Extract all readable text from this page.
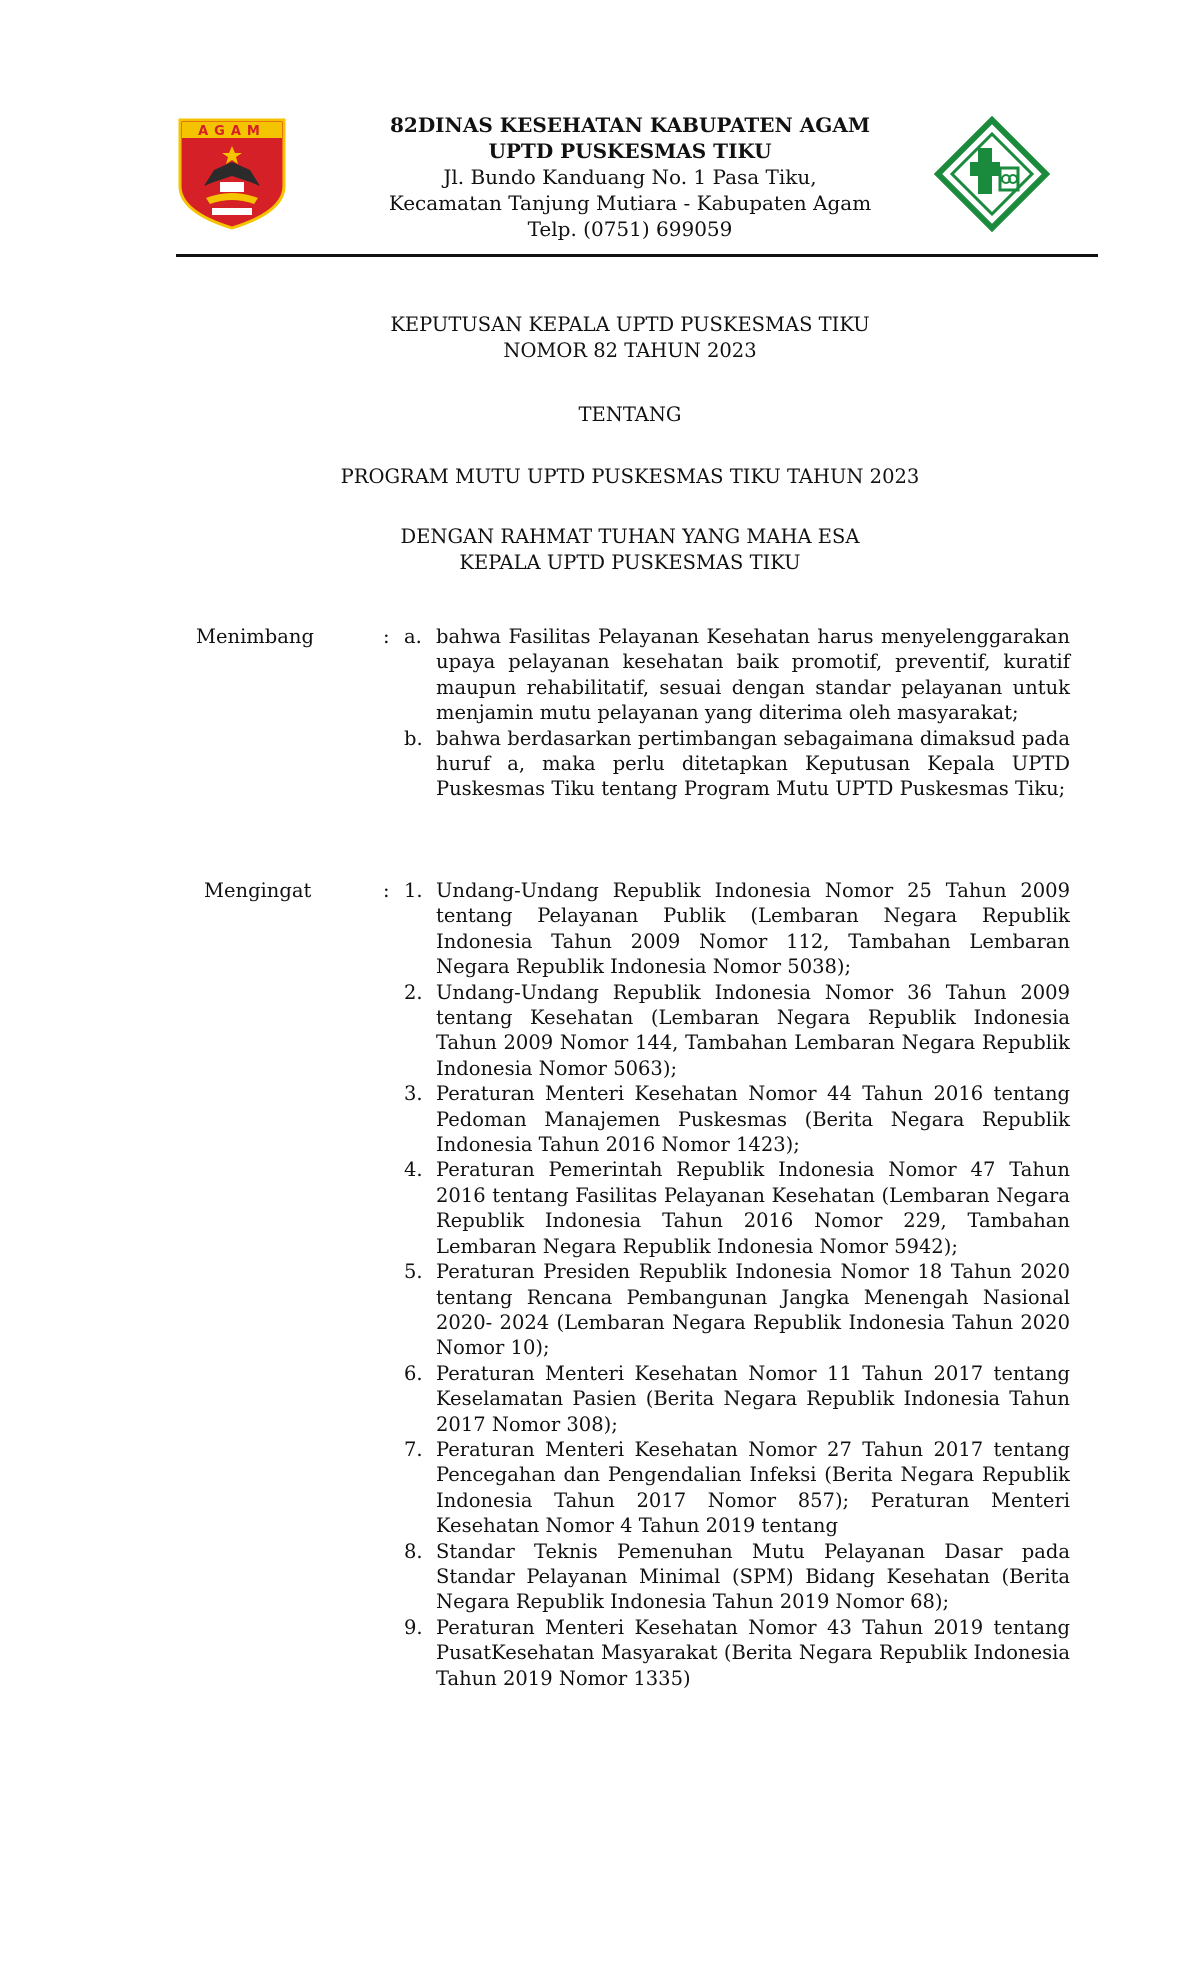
AGAM	82DINAS KESEHATAN KABUPATEN AGAM
UPTD PUSKESMAS TIKU
Jl. Bundo Kanduang No. 1 Pasa Tiku,
Kecamatan Tanjung Mutiara - Kabupaten Agam
Telp. (0751) 699059
KEPUTUSAN KEPALA UPTD PUSKESMAS TIKU
NOMOR 82 TAHUN 2023
TENTANG
PROGRAM MUTU UPTD PUSKESMAS TIKU TAHUN 2023
DENGAN RAHMAT TUHAN YANG MAHA ESA
KEPALA UPTD PUSKESMAS TIKU
Menimbang	: a. bahwa Fasilitas Pelayanan Kesehatan harus menyelenggarakan upaya pelayanan kesehatan baik promotif, preventif, kuratif maupun rehabilitatif, sesuai dengan standar pelayanan untuk menjamin mutu pelayanan yang diterima oleh masyarakat;
b. bahwa berdasarkan pertimbangan sebagaimana dimaksud pada huruf a, maka perlu ditetapkan Keputusan Kepala UPTD Puskesmas Tiku tentang Program Mutu UPTD Puskesmas Tiku;
Mengingat	: 1. Undang-Undang Republik Indonesia Nomor 25 Tahun 2009 tentang Pelayanan Publik (Lembaran Negara Republik Indonesia Tahun 2009 Nomor 112, Tambahan Lembaran Negara Republik Indonesia Nomor 5038);
2. Undang-Undang Republik Indonesia Nomor 36 Tahun 2009 tentang Kesehatan (Lembaran Negara Republik Indonesia Tahun 2009 Nomor 144, Tambahan Lembaran Negara Republik Indonesia Nomor 5063);
3. Peraturan Menteri Kesehatan Nomor 44 Tahun 2016 tentang Pedoman Manajemen Puskesmas (Berita Negara Republik Indonesia Tahun 2016 Nomor 1423);
4. Peraturan Pemerintah Republik Indonesia Nomor 47 Tahun 2016 tentang Fasilitas Pelayanan Kesehatan (Lembaran Negara Republik Indonesia Tahun 2016 Nomor 229, Tambahan Lembaran Negara Republik Indonesia Nomor 5942);
5. Peraturan Presiden Republik Indonesia Nomor 18 Tahun 2020 tentang Rencana Pembangunan Jangka Menengah Nasional 2020- 2024 (Lembaran Negara Republik Indonesia Tahun 2020 Nomor 10);
6. Peraturan Menteri Kesehatan Nomor 11 Tahun 2017 tentang Keselamatan Pasien (Berita Negara Republik Indonesia Tahun 2017 Nomor 308);
7. Peraturan Menteri Kesehatan Nomor 27 Tahun 2017 tentang Pencegahan dan Pengendalian Infeksi (Berita Negara Republik Indonesia Tahun 2017 Nomor 857); Peraturan Menteri Kesehatan Nomor 4 Tahun 2019 tentang
8. Standar Teknis Pemenuhan Mutu Pelayanan Dasar pada Standar Pelayanan Minimal (SPM) Bidang Kesehatan (Berita Negara Republik Indonesia Tahun 2019 Nomor 68);
9. Peraturan Menteri Kesehatan Nomor 43 Tahun 2019 tentang PusatKesehatan Masyarakat (Berita Negara Republik Indonesia Tahun 2019 Nomor 1335)
